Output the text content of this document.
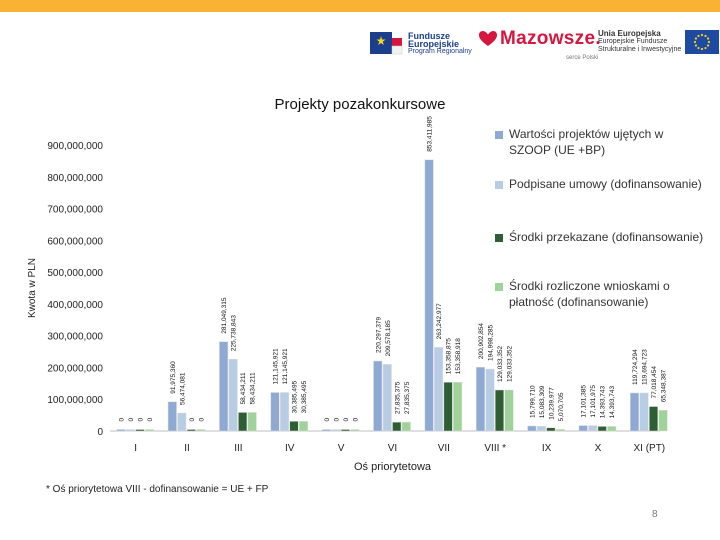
Fundusze
Europejskie
Program Regionalny
Mazowsze.
serce Polski
Unia Europejska
Europejskie Fundusze
Strukturalne i Inwestycyjne
Projekty pozakonkursowe
0
100,000,000
200,000,000
300,000,000
400,000,000
500,000,000
600,000,000
700,000,000
800,000,000
900,000,000
Kwota w PLN
I
0 0 0 0
II
91,975,360 56,474,081
0 0
III
281,049,315 225,738,843
58,434,211 58,434,211
IV
121,145,921 121,145,921
30,385,495 30,385,495
V
0 0 0 0
VI
220,297,379 209,578,185
27,835,375 27,835,375
VII
853,411,985
263,242,977
153,358,875 153,358,918
VIII *
200,902,854 194,998,285
129,033,352 129,033,352
IX
15,799,710 15,083,309 10,239,977 5,070,705
X
17,101,385 17,101,975 14,393,743 14,393,743
XI (PT)
119,724,294 119,694,723 77,018,454 65,348,387
Oś priorytetowa
Wartości projektów ujętych w SZOOP (UE +BP)
Podpisane umowy (dofinansowanie)
Środki przekazane (dofinansowanie)
Środki rozliczone wnioskami o płatność (dofinansowanie)
* Oś priorytetowa VIII - dofinansowanie = UE + FP
8
